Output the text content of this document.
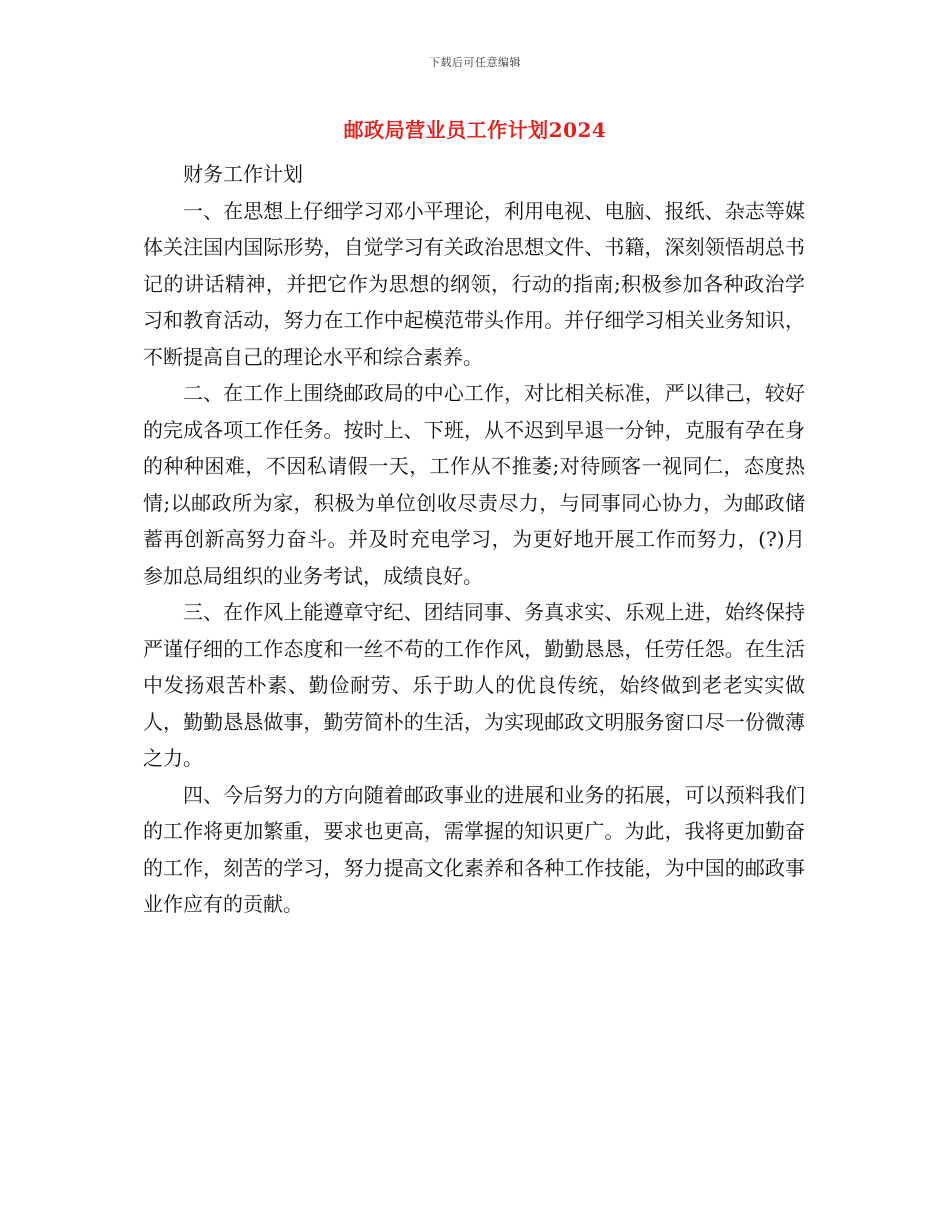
下载后可任意编辑
邮政局营业员工作计划2024

财务工作计划

一、在思想上仔细学习邓小平理论，利用电视、电脑、报纸、杂志等媒体关注国内国际形势，自觉学习有关政治思想文件、书籍，深刻领悟胡总书记的讲话精神，并把它作为思想的纲领，行动的指南;积极参加各种政治学习和教育活动，努力在工作中起模范带头作用。并仔细学习相关业务知识，不断提高自己的理论水平和综合素养。

二、在工作上围绕邮政局的中心工作，对比相关标准，严以律己，较好的完成各项工作任务。按时上、下班，从不迟到早退一分钟，克服有孕在身的种种困难，不因私请假一天，工作从不推萎;对待顾客一视同仁，态度热情;以邮政所为家，积极为单位创收尽责尽力，与同事同心协力，为邮政储蓄再创新高努力奋斗。并及时充电学习，为更好地开展工作而努力，(?)月参加总局组织的业务考试，成绩良好。

三、在作风上能遵章守纪、团结同事、务真求实、乐观上进，始终保持严谨仔细的工作态度和一丝不苟的工作作风，勤勤恳恳，任劳任怨。在生活中发扬艰苦朴素、勤俭耐劳、乐于助人的优良传统，始终做到老老实实做人，勤勤恳恳做事，勤劳简朴的生活，为实现邮政文明服务窗口尽一份微薄之力。

四、今后努力的方向随着邮政事业的进展和业务的拓展，可以预料我们的工作将更加繁重，要求也更高，需掌握的知识更广。为此，我将更加勤奋的工作，刻苦的学习，努力提高文化素养和各种工作技能，为中国的邮政事业作应有的贡献。
